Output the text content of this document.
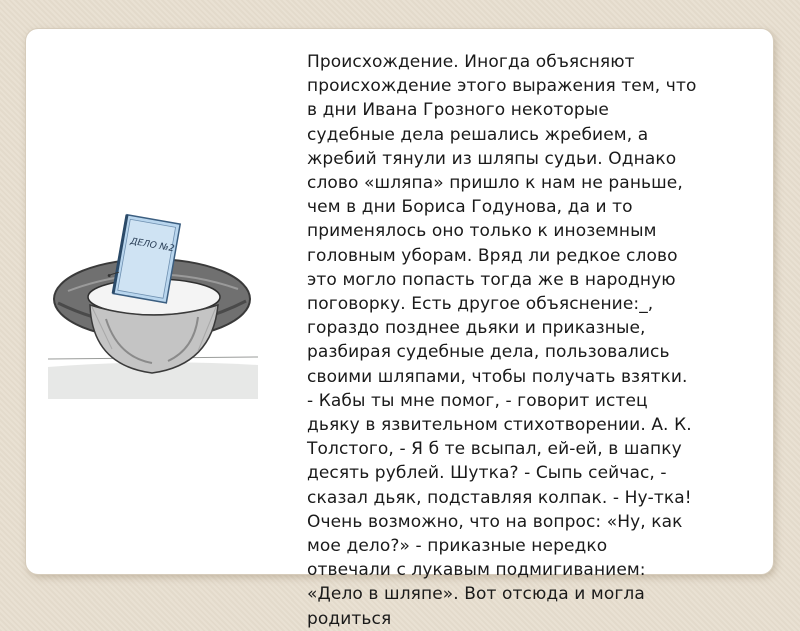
ДЕЛО №2
Происхождение. Иногда объясняют
происхождение этого выражения тем, что
в дни Ивана Грозного некоторые
судебные дела решались жребием, а
жребий тянули из шляпы судьи. Однако
слово «шляпа» пришло к нам не раньше,
чем в дни Бориса Годунова, да и то
применялось оно только к иноземным
головным уборам. Вряд ли редкое слово
это могло попасть тогда же в народную
поговорку. Есть другое объяснение:_,
гораздо позднее дьяки и приказные,
разбирая судебные дела, пользовались
своими шляпами, чтобы получать взятки.
- Кабы ты мне помог, - говорит истец
дьяку в язвительном стихотворении. А. К.
Толстого, - Я б те всыпал, ей-ей, в шапку
десять рублей. Шутка? - Сыпь сейчас, -
сказал дьяк, подставляя колпак. - Ну-тка!
Очень возможно, что на вопрос: «Ну, как
мое дело?» - приказные нередко
отвечали с лукавым подмигиванием:
«Дело в шляпе». Вот отсюда и могла
родиться
